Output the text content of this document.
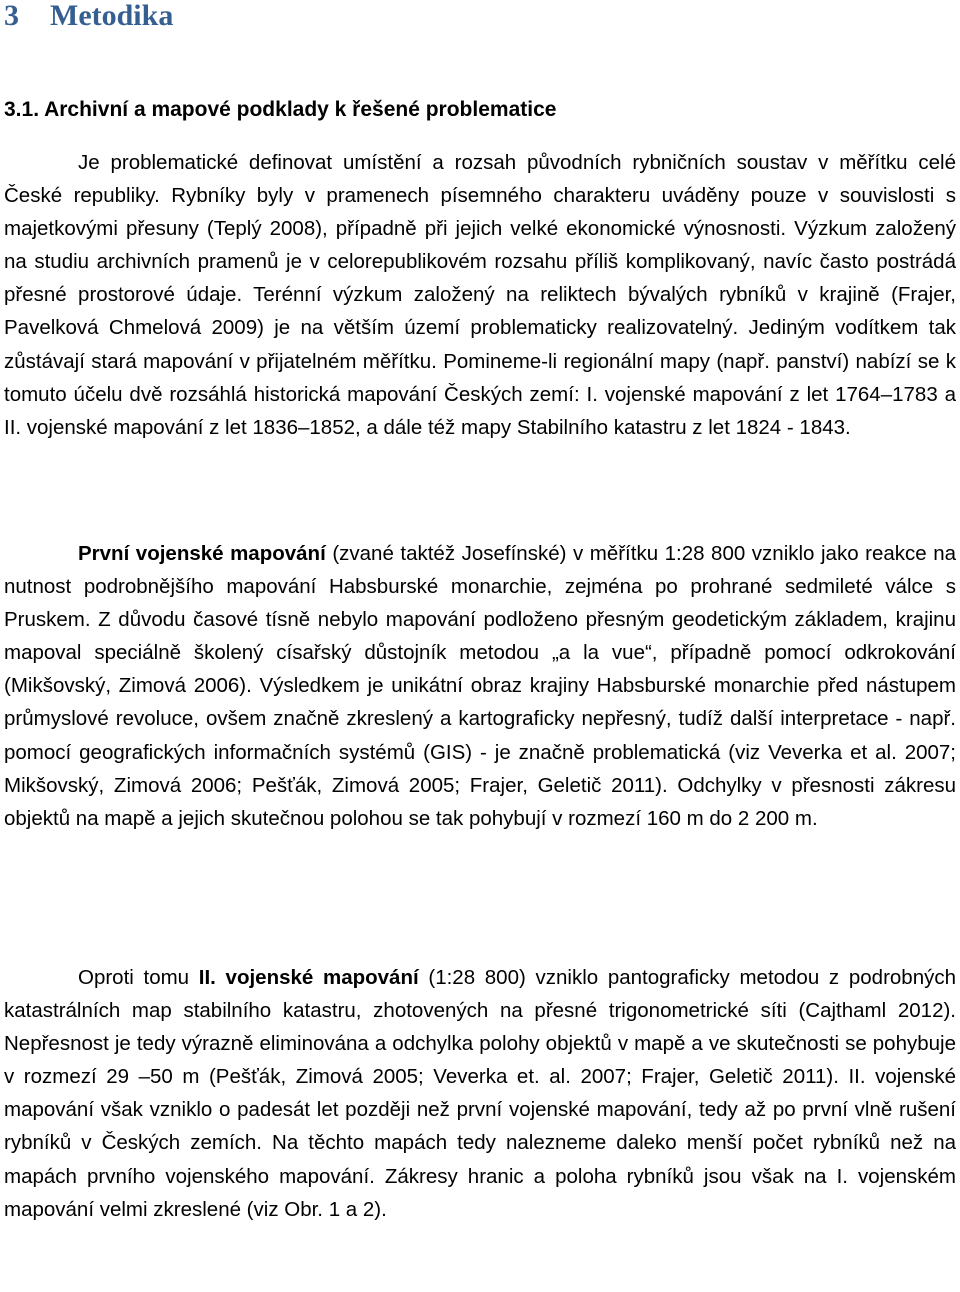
3 Metodika
3.1. Archivní a mapové podklady k řešené problematice

Je problematické definovat umístění a rozsah původních rybničních soustav v měřítku celé České republiky. Rybníky byly v pramenech písemného charakteru uváděny pouze v souvislosti s majetkovými přesuny (Teplý 2008), případně při jejich velké ekonomické výnosnosti. Výzkum založený na studiu archivních pramenů je v celorepublikovém rozsahu příliš komplikovaný, navíc často postrádá přesné prostorové údaje. Terénní výzkum založený na reliktech bývalých rybníků v krajině (Frajer, Pavelková Chmelová 2009) je na větším území problematicky realizovatelný. Jediným vodítkem tak zůstávají stará mapování v přijatelném měřítku. Pomineme-li regionální mapy (např. panství) nabízí se k tomuto účelu dvě rozsáhlá historická mapování Českých zemí: I. vojenské mapování z let 1764–1783 a II. vojenské mapování z let 1836–1852, a dále též mapy Stabilního katastru z let 1824 - 1843.

První vojenské mapování (zvané taktéž Josefínské) v měřítku 1:28 800 vzniklo jako reakce na nutnost podrobnějšího mapování Habsburské monarchie, zejména po prohrané sedmileté válce s Pruskem. Z důvodu časové tísně nebylo mapování podloženo přesným geodetickým základem, krajinu mapoval speciálně školený císařský důstojník metodou „a la vue“, případně pomocí odkrokování (Mikšovský, Zimová 2006). Výsledkem je unikátní obraz krajiny Habsburské monarchie před nástupem průmyslové revoluce, ovšem značně zkreslený a kartograficky nepřesný, tudíž další interpretace - např. pomocí geografických informačních systémů (GIS) - je značně problematická (viz Veverka et al. 2007; Mikšovský, Zimová 2006; Pešťák, Zimová 2005; Frajer, Geletič 2011). Odchylky v přesnosti zákresu objektů na mapě a jejich skutečnou polohou se tak pohybují v rozmezí 160 m do 2 200 m.

Oproti tomu II. vojenské mapování (1:28 800) vzniklo pantograficky metodou z podrobných katastrálních map stabilního katastru, zhotovených na přesné trigonometrické síti (Cajthaml 2012). Nepřesnost je tedy výrazně eliminována a odchylka polohy objektů v mapě a ve skutečnosti se pohybuje v rozmezí 29 –50 m (Pešťák, Zimová 2005; Veverka et. al. 2007; Frajer, Geletič 2011). II. vojenské mapování však vzniklo o padesát let později než první vojenské mapování, tedy až po první vlně rušení rybníků v Českých zemích. Na těchto mapách tedy nalezneme daleko menší počet rybníků než na mapách prvního vojenského mapování. Zákresy hranic a poloha rybníků jsou však na I. vojenském mapování velmi zkreslené (viz Obr. 1 a 2).
